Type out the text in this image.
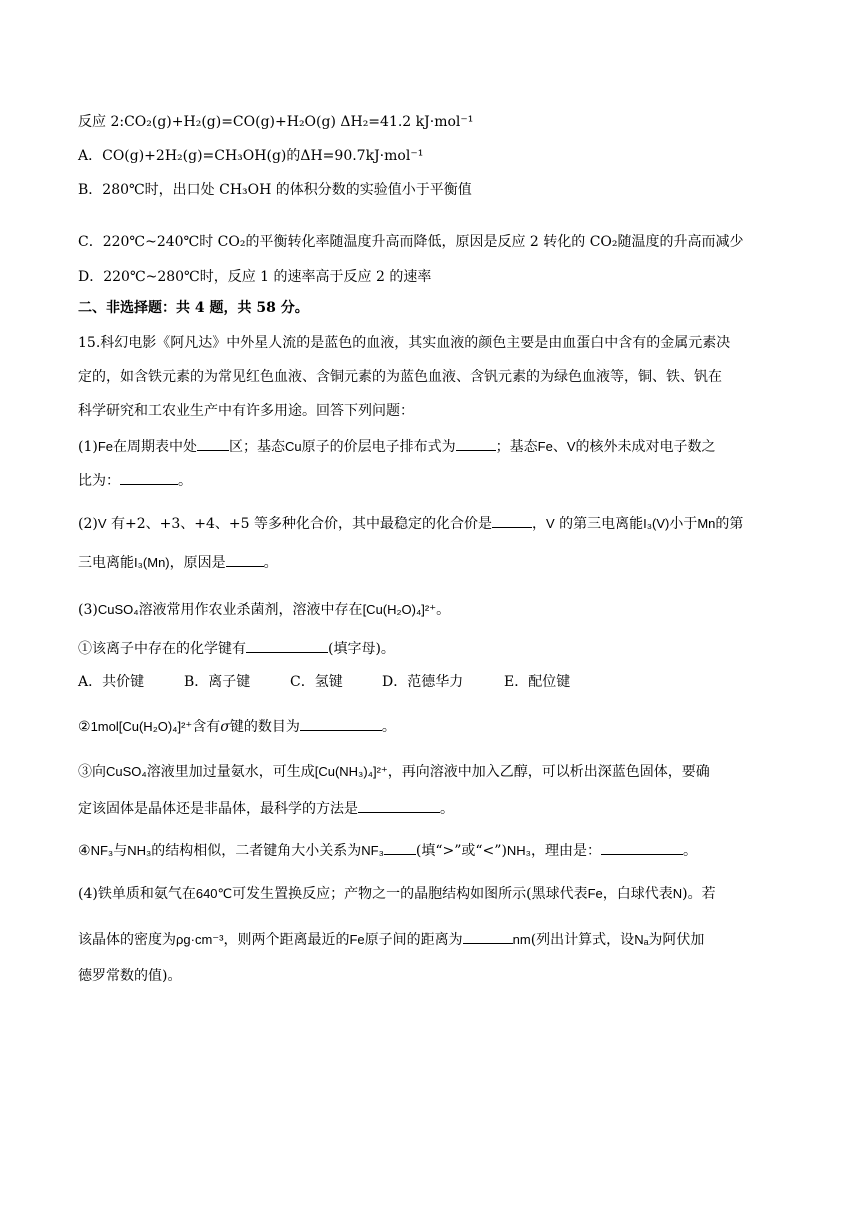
反应 2:CO₂(g)+H₂(g)=CO(g)+H₂O(g) ΔH₂=41.2 kJ·mol⁻¹
A．CO(g)+2H₂(g)=CH₃OH(g)的ΔH=90.7kJ·mol⁻¹
B．280℃时，出口处 CH₃OH 的体积分数的实验值小于平衡值
C．220℃~240℃时 CO₂的平衡转化率随温度升高而降低，原因是反应 2 转化的 CO₂随温度的升高而减少
D．220℃~280℃时，反应 1 的速率高于反应 2 的速率
二、非选择题：共 4 题，共 58 分。
15.科幻电影《阿凡达》中外星人流的是蓝色的血液，其实血液的颜色主要是由血蛋白中含有的金属元素决
定的，如含铁元素的为常见红色血液、含铜元素的为蓝色血液、含钒元素的为绿色血液等，铜、铁、钒在
科学研究和工农业生产中有许多用途。回答下列问题：
(1)Fe在周期表中处 区；基态Cu原子的价层电子排布式为	；基态Fe、V的核外未成对电子数之
比为：	。
(2)V 有+2、+3、+4、+5 等多种化合价，其中最稳定的化合价是	，V 的第三电离能I₃(V)小于Mn的第
三电离能I₃(Mn)，原因是	。
(3)CuSO₄溶液常用作农业杀菌剂，溶液中存在[Cu(H₂O)₄]²⁺。
①该离子中存在的化学键有	(填字母)。
A．共价键	B．离子键	C．氢键	D．范德华力	E．配位键
②1mol[Cu(H₂O)₄]²⁺含有σ键的数目为	。
③向CuSO₄溶液里加过量氨水，可生成[Cu(NH₃)₄]²⁺，再向溶液中加入乙醇，可以析出深蓝色固体，要确
定该固体是晶体还是非晶体，最科学的方法是	。
④NF₃与NH₃的结构相似，二者键角大小关系为NF₃ (填“>”或“<”)NH₃，理由是：	。
(4)铁单质和氨气在640℃可发生置换反应；产物之一的晶胞结构如图所示(黑球代表Fe，白球代表N)。若
该晶体的密度为ρg·cm⁻³，则两个距离最近的Fe原子间的距离为	nm(列出计算式，设Nₐ为阿伏加
德罗常数的值)。
